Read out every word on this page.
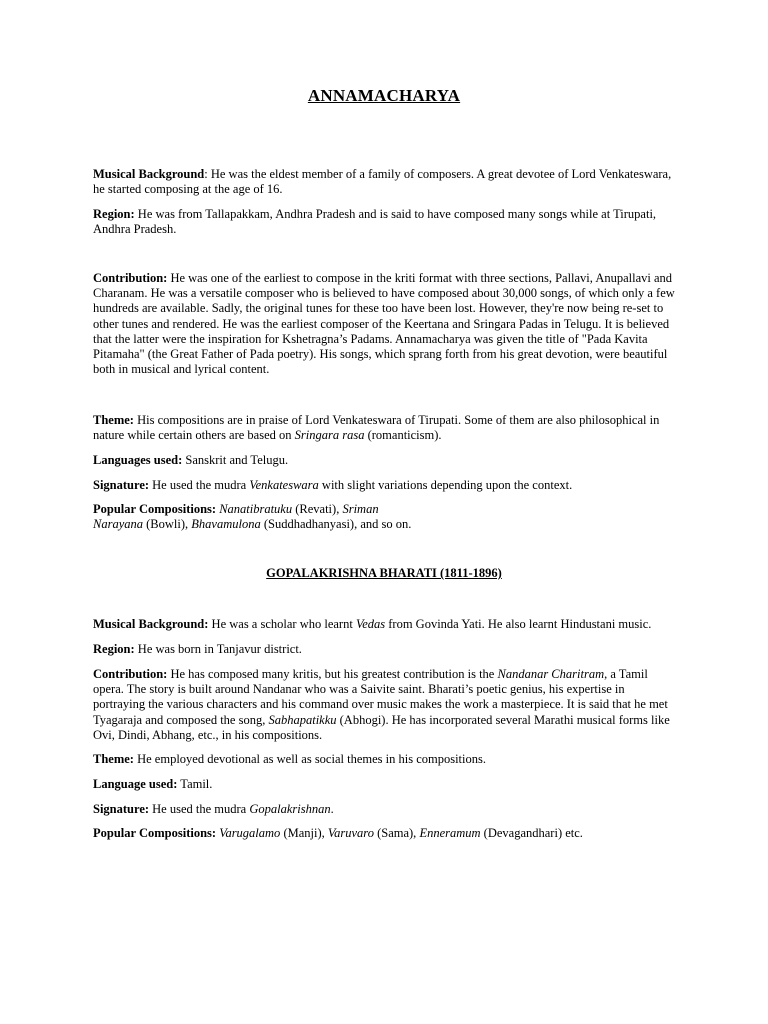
ANNAMACHARYA

Musical Background: He was the eldest member of a family of composers. A great devotee of Lord Venkateswara, he started composing at the age of 16.

Region: He was from Tallapakkam, Andhra Pradesh and is said to have composed many songs while at Tirupati, Andhra Pradesh.

Contribution: He was one of the earliest to compose in the kriti format with three sections, Pallavi, Anupallavi and Charanam. He was a versatile composer who is believed to have composed about 30,000 songs, of which only a few hundreds are available. Sadly, the original tunes for these too have been lost. However, they're now being re-set to other tunes and rendered. He was the earliest composer of the Keertana and Sringara Padas in Telugu. It is believed that the latter were the inspiration for Kshetragna’s Padams. Annamacharya was given the title of "Pada Kavita Pitamaha" (the Great Father of Pada poetry). His songs, which sprang forth from his great devotion, were beautiful both in musical and lyrical content.

Theme: His compositions are in praise of Lord Venkateswara of Tirupati. Some of them are also philosophical in nature while certain others are based on Sringara rasa (romanticism).

Languages used: Sanskrit and Telugu.

Signature: He used the mudra Venkateswara with slight variations depending upon the context.

Popular Compositions: Nanatibratuku (Revati), Sriman
Narayana (Bowli), Bhavamulona (Suddhadhanyasi), and so on.

GOPALAKRISHNA BHARATI (1811-1896)

Musical Background: He was a scholar who learnt Vedas from Govinda Yati. He also learnt Hindustani music.

Region: He was born in Tanjavur district.

Contribution: He has composed many kritis, but his greatest contribution is the Nandanar Charitram, a Tamil opera. The story is built around Nandanar who was a Saivite saint. Bharati’s poetic genius, his expertise in portraying the various characters and his command over music makes the work a masterpiece. It is said that he met Tyagaraja and composed the song, Sabhapatikku (Abhogi). He has incorporated several Marathi musical forms like Ovi, Dindi, Abhang, etc., in his compositions.

Theme: He employed devotional as well as social themes in his compositions.

Language used: Tamil.

Signature: He used the mudra Gopalakrishnan.

Popular Compositions: Varugalamo (Manji), Varuvaro (Sama), Enneramum (Devagandhari) etc.
